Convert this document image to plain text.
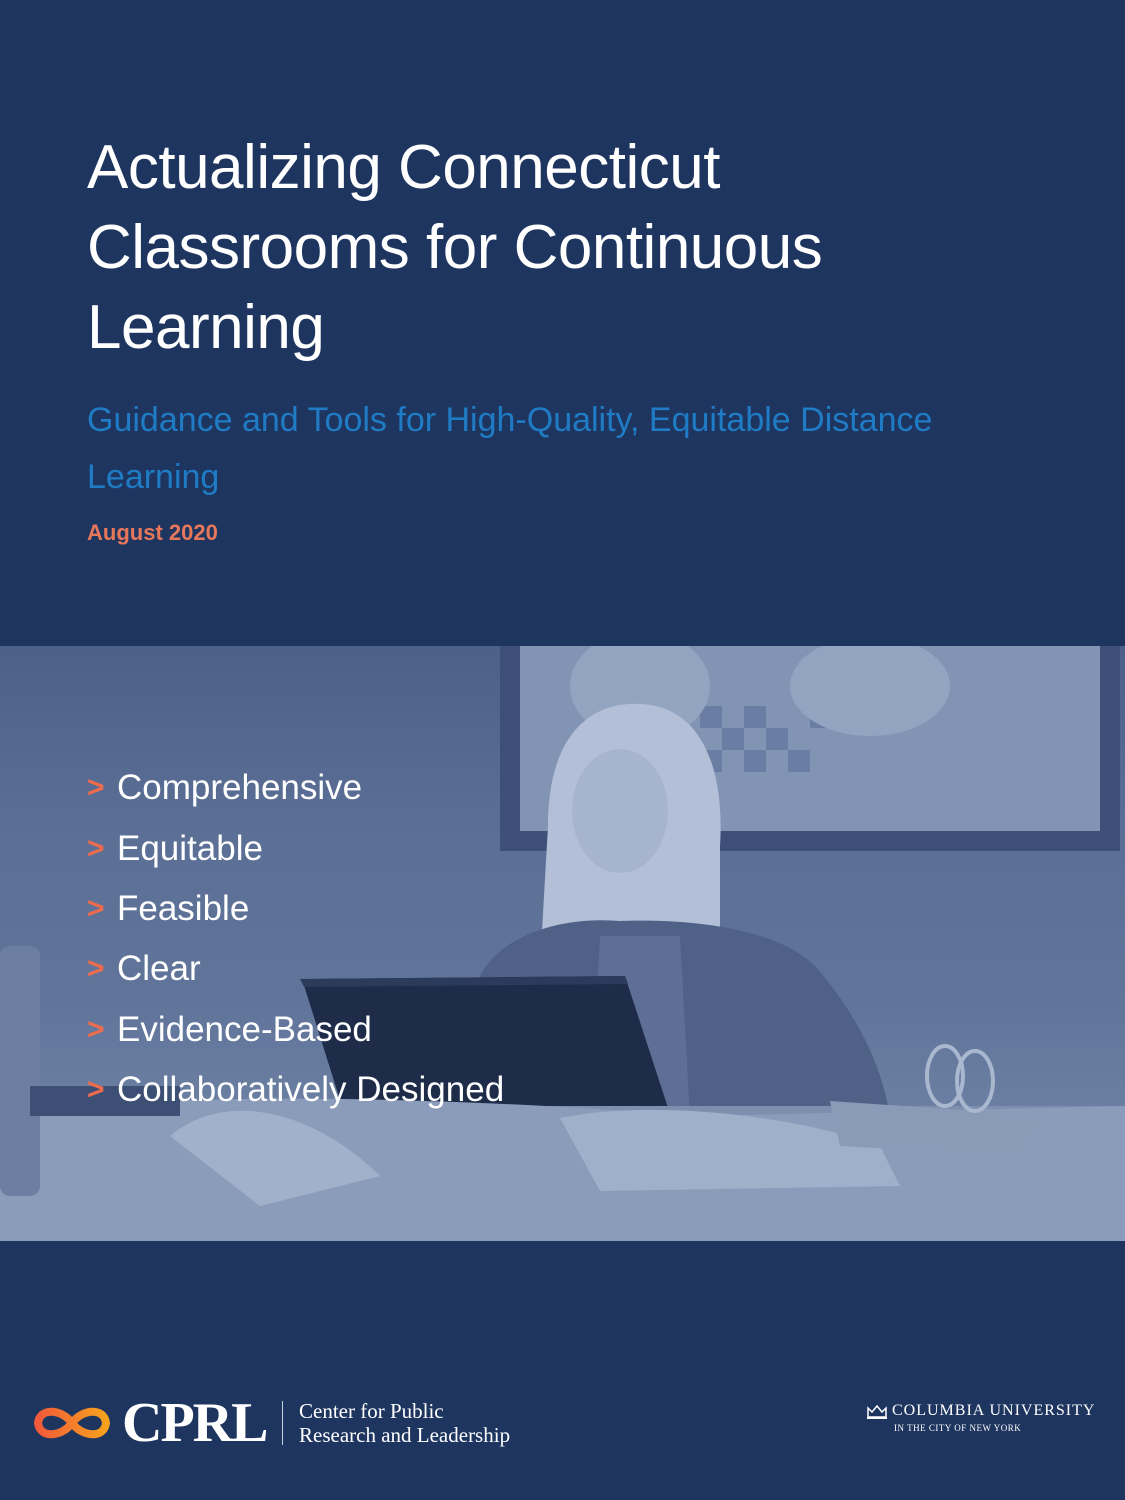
Actualizing Connecticut
Classrooms for Continuous
Learning
Guidance and Tools for High-Quality, Equitable Distance
Learning
August 2020
> Comprehensive
> Equitable
> Feasible
> Clear
> Evidence-Based
> Collaboratively Designed
CPRL Center for Public
Research and Leadership
COLUMBIA UNIVERSITY
IN THE CITY OF NEW YORK
